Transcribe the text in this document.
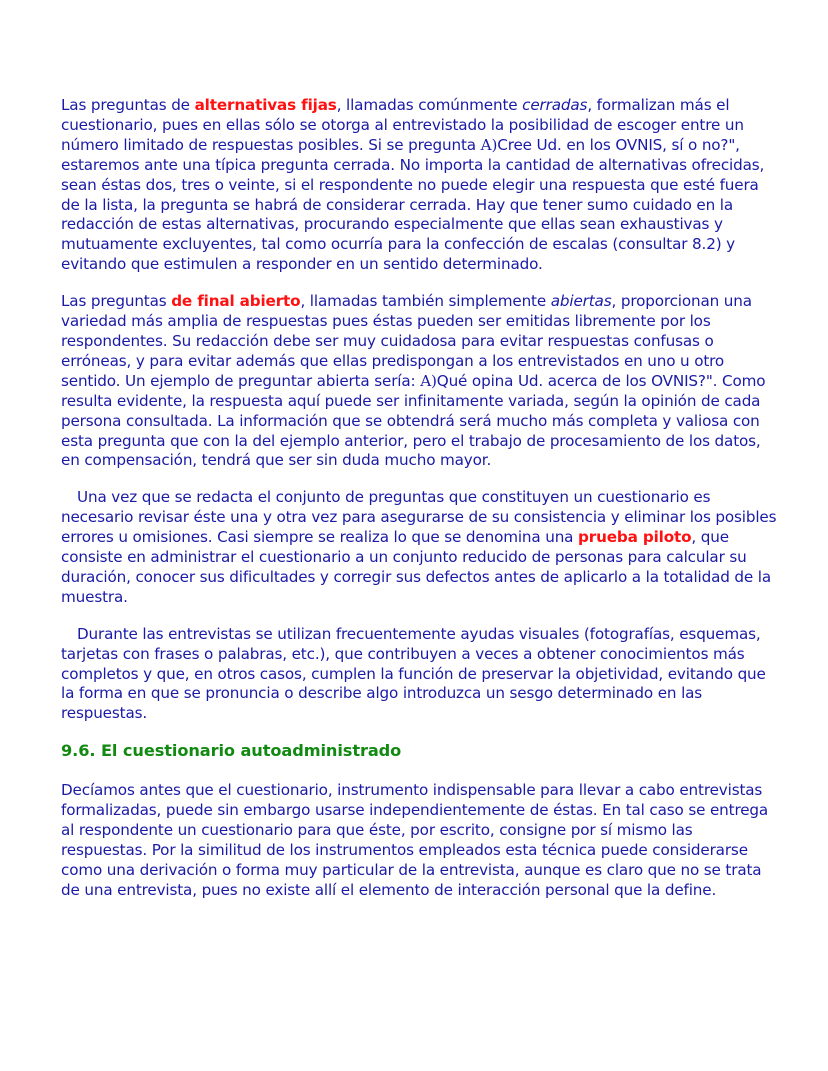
Las preguntas de alternativas fijas, llamadas comúnmente cerradas, formalizan más el cuestionario, pues en ellas sólo se otorga al entrevistado la posibilidad de escoger entre un número limitado de respuestas posibles. Si se pregunta A)Cree Ud. en los OVNIS, sí o no?", estaremos ante una típica pregunta cerrada. No importa la cantidad de alternativas ofrecidas, sean éstas dos, tres o veinte, si el respondente no puede elegir una respuesta que esté fuera de la lista, la pregunta se habrá de considerar cerrada. Hay que tener sumo cuidado en la redacción de estas alternativas, procurando especialmente que ellas sean exhaustivas y mutuamente excluyentes, tal como ocurría para la confección de escalas (consultar 8.2) y evitando que estimulen a responder en un sentido determinado.

Las preguntas de final abierto, llamadas también simplemente abiertas, proporcionan una variedad más amplia de respuestas pues éstas pueden ser emitidas libremente por los respondentes. Su redacción debe ser muy cuidadosa para evitar respuestas confusas o erróneas, y para evitar además que ellas predispongan a los entrevistados en uno u otro sentido. Un ejemplo de preguntar abierta sería: A)Qué opina Ud. acerca de los OVNIS?". Como resulta evidente, la respuesta aquí puede ser infinitamente variada, según la opinión de cada persona consultada. La información que se obtendrá será mucho más completa y valiosa con esta pregunta que con la del ejemplo anterior, pero el trabajo de procesamiento de los datos, en compensación, tendrá que ser sin duda mucho mayor.

Una vez que se redacta el conjunto de preguntas que constituyen un cuestionario es necesario revisar éste una y otra vez para asegurarse de su consistencia y eliminar los posibles errores u omisiones. Casi siempre se realiza lo que se denomina una prueba piloto, que consiste en administrar el cuestionario a un conjunto reducido de personas para calcular su duración, conocer sus dificultades y corregir sus defectos antes de aplicarlo a la totalidad de la muestra.

Durante las entrevistas se utilizan frecuentemente ayudas visuales (fotografías, esquemas, tarjetas con frases o palabras, etc.), que contribuyen a veces a obtener conocimientos más completos y que, en otros casos, cumplen la función de preservar la objetividad, evitando que la forma en que se pronuncia o describe algo introduzca un sesgo determinado en las respuestas.

9.6. El cuestionario autoadministrado

Decíamos antes que el cuestionario, instrumento indispensable para llevar a cabo entrevistas formalizadas, puede sin embargo usarse independientemente de éstas. En tal caso se entrega al respondente un cuestionario para que éste, por escrito, consigne por sí mismo las respuestas. Por la similitud de los instrumentos empleados esta técnica puede considerarse como una derivación o forma muy particular de la entrevista, aunque es claro que no se trata de una entrevista, pues no existe allí el elemento de interacción personal que la define.
